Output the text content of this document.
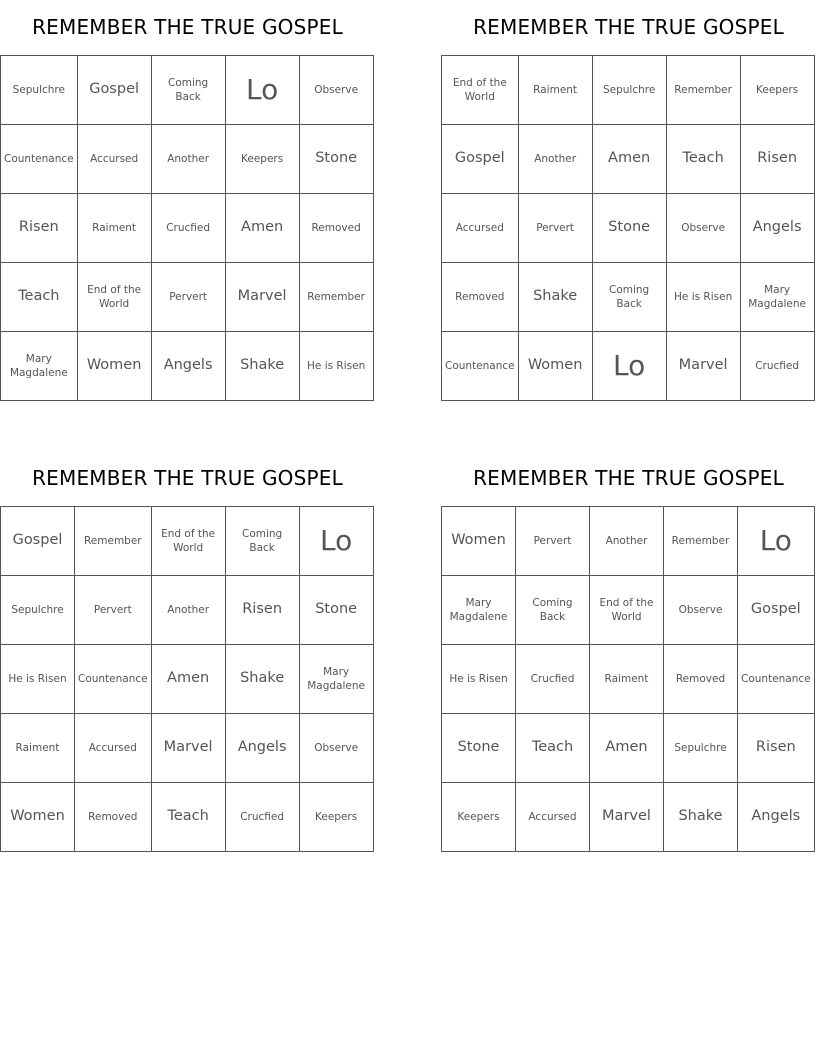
REMEMBER THE TRUE GOSPEL
Sepulchre	Gospel	Coming Back	Lo	Observe
Countenance	Accursed	Another	Keepers	Stone
Risen	Raiment	Crucfied	Amen	Removed
Teach	End of the World	Pervert	Marvel	Remember
Mary Magdalene	Women	Angels	Shake	He is Risen
REMEMBER THE TRUE GOSPEL
End of the World	Raiment	Sepulchre	Remember	Keepers
Gospel	Another	Amen	Teach	Risen
Accursed	Pervert	Stone	Observe	Angels
Removed	Shake	Coming Back	He is Risen	Mary Magdalene
Countenance	Women	Lo	Marvel	Crucfied
REMEMBER THE TRUE GOSPEL
Gospel	Remember	End of the World	Coming Back	Lo
Sepulchre	Pervert	Another	Risen	Stone
He is Risen	Countenance	Amen	Shake	Mary Magdalene
Raiment	Accursed	Marvel	Angels	Observe
Women	Removed	Teach	Crucfied	Keepers
REMEMBER THE TRUE GOSPEL
Women	Pervert	Another	Remember	Lo
Mary Magdalene	Coming Back	End of the World	Observe	Gospel
He is Risen	Crucfied	Raiment	Removed	Countenance
Stone	Teach	Amen	Sepulchre	Risen
Keepers	Accursed	Marvel	Shake	Angels
